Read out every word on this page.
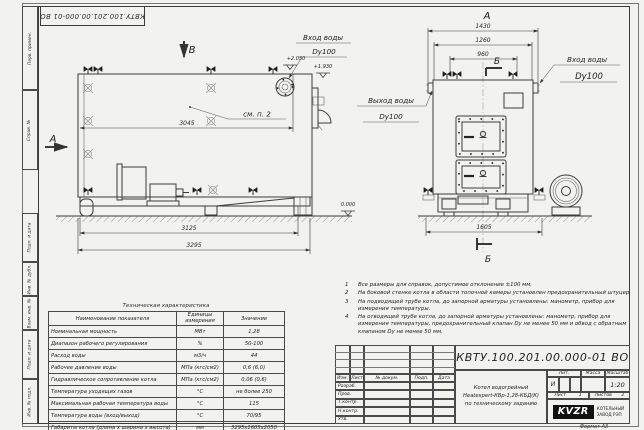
КВТУ.100.201.00.000-01 ВО
Перв. примен.
Справ. №
Подп. и дата
Инв. № дубл.
Взам. инв. №
Подп. и дата
Инв. № подл.
3045
3125
3295
В
А
см. п. 2
Вход воды
Dy100
+2.050
+1.930
А
1430
1260
960
Б
1605
Б
0.000
Выход воды
Dy100
Вход воды
Dy100
1	Все размеры для справок, допустимое отклонение ±100 мм.
2	На боковой стенке котла в области топочной камеры установлен предохранительный штуцер
3	На подводящей трубе котла, до запорной арматуры установлены: манометр, прибор для измерения температуры.
4	На отводящей трубе котла, до запорной арматуры установлены: манометр, прибор для измерения температуры, предохранительный клапан Dу не менее 50 мм и обвод с обратным клапаном Dу не менее 50 мм.
Техническая характеристика
Наименование показателя	Единицы измерения	Значение
Номинальная мощность	МВт	1,28
Диапазон рабочего регулирования	%	50-100
Расход воды	м3/ч	44
Рабочее давление воды	МПа (кгс/см2)	0,6 (6,0)
Гидравлическое сопротивление котла	МПа (кгс/см2)	0,06 (0,6)
Температура уходящих газов	°С	не более 250
Максимальная рабочая температура воды	°С	115
Температура воды (вход/выход)	°С	70/95
Габариты котла (длина х ширина х высота)	мм	3295х1605х2050
Изм. Лист	№ докум.	Подп.	Дата
Разраб.
Пров.
Т.контр.
Н.контр.
Утв.
КВТУ.100.201.00.000-01 ВО
Котел водогрейный
Heatexpert-КВр-1,28-КБД(К)
по техническому заданию
Лит.	Масса	Масштаб
И	1:20
Лист	1	Листов 2
KVZR	КОТЕЛЬНЫЙ
ЗАВОД РЭП
Формат А3
